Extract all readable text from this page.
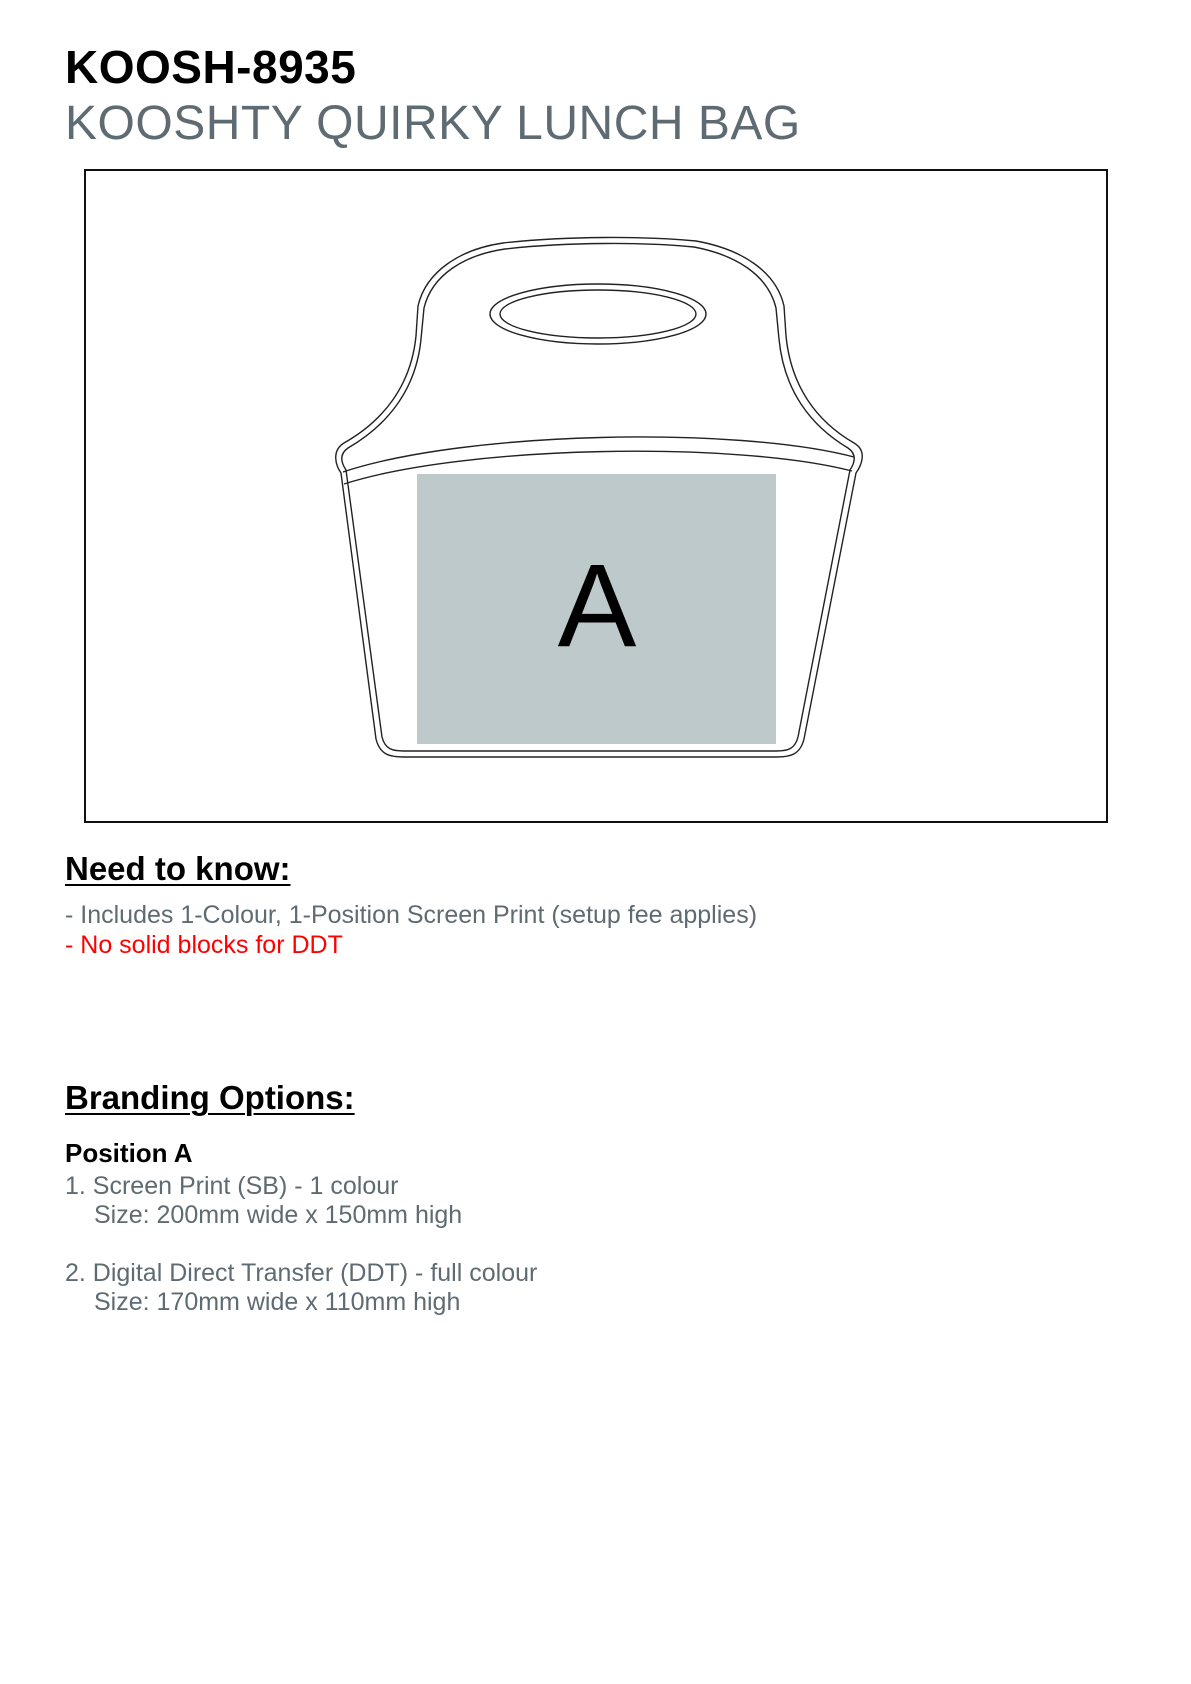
KOOSH-8935
KOOSHTY QUIRKY LUNCH BAG
A
Need to know:
- Includes 1-Colour, 1-Position Screen Print (setup fee applies)
- No solid blocks for DDT
Branding Options:
Position A
1. Screen Print (SB) - 1 colour
Size: 200mm wide x 150mm high
2. Digital Direct Transfer (DDT) - full colour
Size: 170mm wide x 110mm high
